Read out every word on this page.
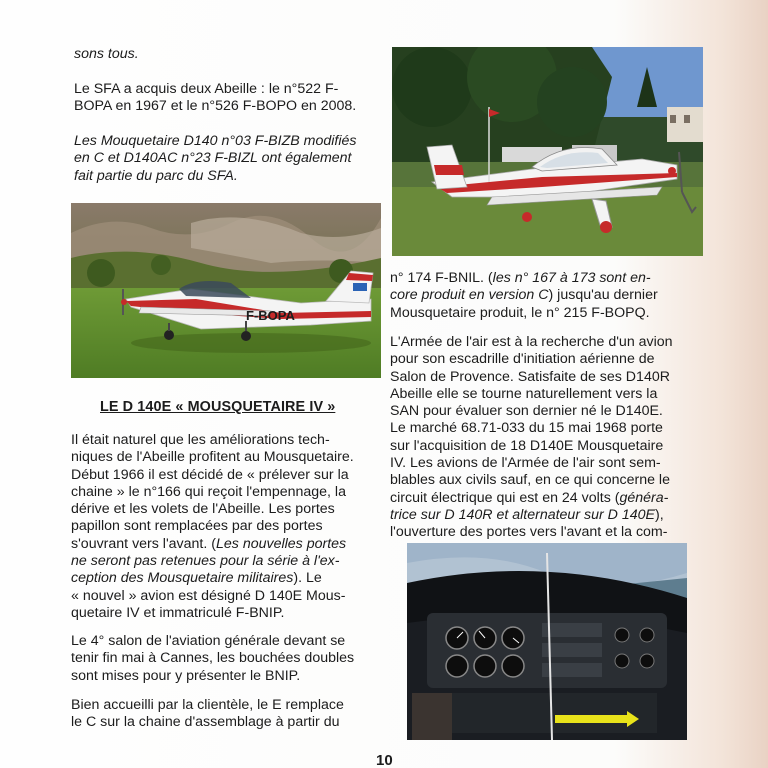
sons tous.

Le SFA a acquis deux Abeille : le n°522 F-

BOPA en 1967 et le n°526 F-BOPO en 2008.

Les Mouquetaire D140 n°03 F-BIZB modifiés

en C et D140AC n°23 F-BIZL ont également

fait partie du parc du SFA.

F-BOPA
LE D 140E « MOUSQUETAIRE IV »

Il était naturel que les améliorations tech-

niques de l'Abeille profitent au Mousquetaire.

Début 1966 il est décidé de « prélever sur la

chaine » le n°166 qui reçoit l'empennage, la

dérive et les volets de l'Abeille. Les portes

papillon sont remplacées par des portes

s'ouvrant vers l'avant. (Les nouvelles portes

ne seront pas retenues pour la série à l'ex-

ception des Mousquetaire militaires). Le

« nouvel » avion est désigné D 140E Mous-

quetaire IV et immatriculé F-BNIP.

Le 4° salon de l'aviation générale devant se

tenir fin mai à Cannes, les bouchées doubles

sont mises pour y présenter le BNIP.

Bien accueilli par la clientèle, le E remplace

le C sur la chaine d'assemblage à partir du

n° 174 F-BNIL. (les n° 167 à 173 sont en-

core produit en version C) jusqu'au dernier

Mousquetaire produit, le n° 215 F-BOPQ.

L'Armée de l'air est à la recherche d'un avion

pour son escadrille d'initiation aérienne de

Salon de Provence. Satisfaite de ses D140R

Abeille elle se tourne naturellement vers la

SAN pour évaluer son dernier né le D140E.

Le marché 68.71-033 du 15 mai 1968 porte

sur l'acquisition de 18 D140E Mousquetaire

IV. Les avions de l'Armée de l'air sont sem-

blables aux civils sauf, en ce qui concerne le

circuit électrique qui est en 24 volts (généra-

trice sur D 140R et alternateur sur D 140E),

l'ouverture des portes vers l'avant et la com-

10
